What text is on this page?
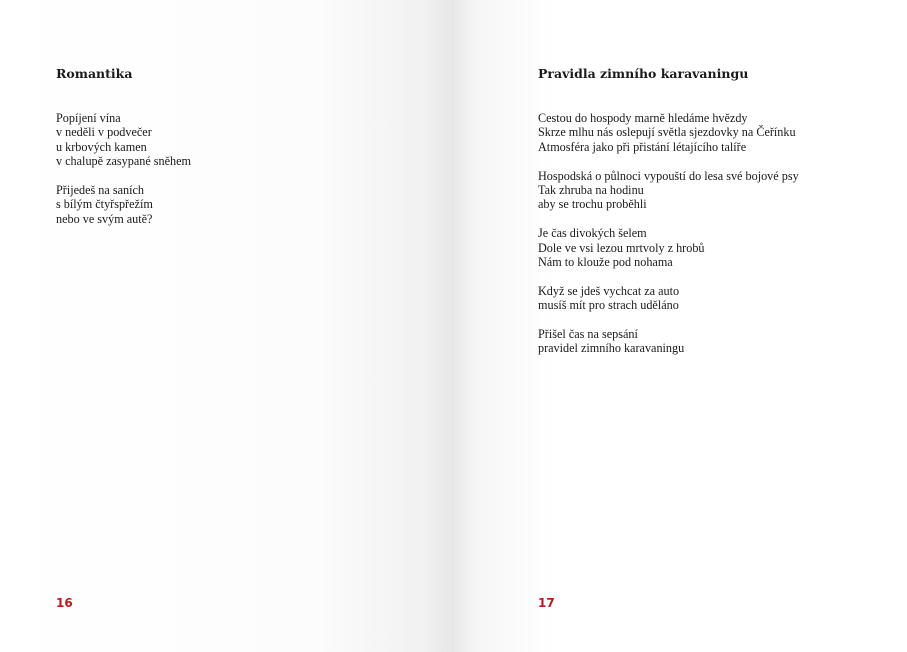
Romantika
Popíjení vína
v neděli v podvečer
u krbových kamen
v chalupě zasypané sněhem
Přijedeš na saních
s bílým čtyřspřežím
nebo ve svým autě?
16
Pravidla zimního karavaningu
Cestou do hospody marně hledáme hvězdy
Skrze mlhu nás oslepují světla sjezdovky na Čeřínku
Atmosféra jako při přistání létajícího talíře
Hospodská o půlnoci vypouští do lesa své bojové psy
Tak zhruba na hodinu
aby se trochu proběhli
Je čas divokých šelem
Dole ve vsi lezou mrtvoly z hrobů
Nám to klouže pod nohama
Když se jdeš vychcat za auto
musíš mít pro strach uděláno
Přišel čas na sepsání
pravidel zimního karavaningu
17
